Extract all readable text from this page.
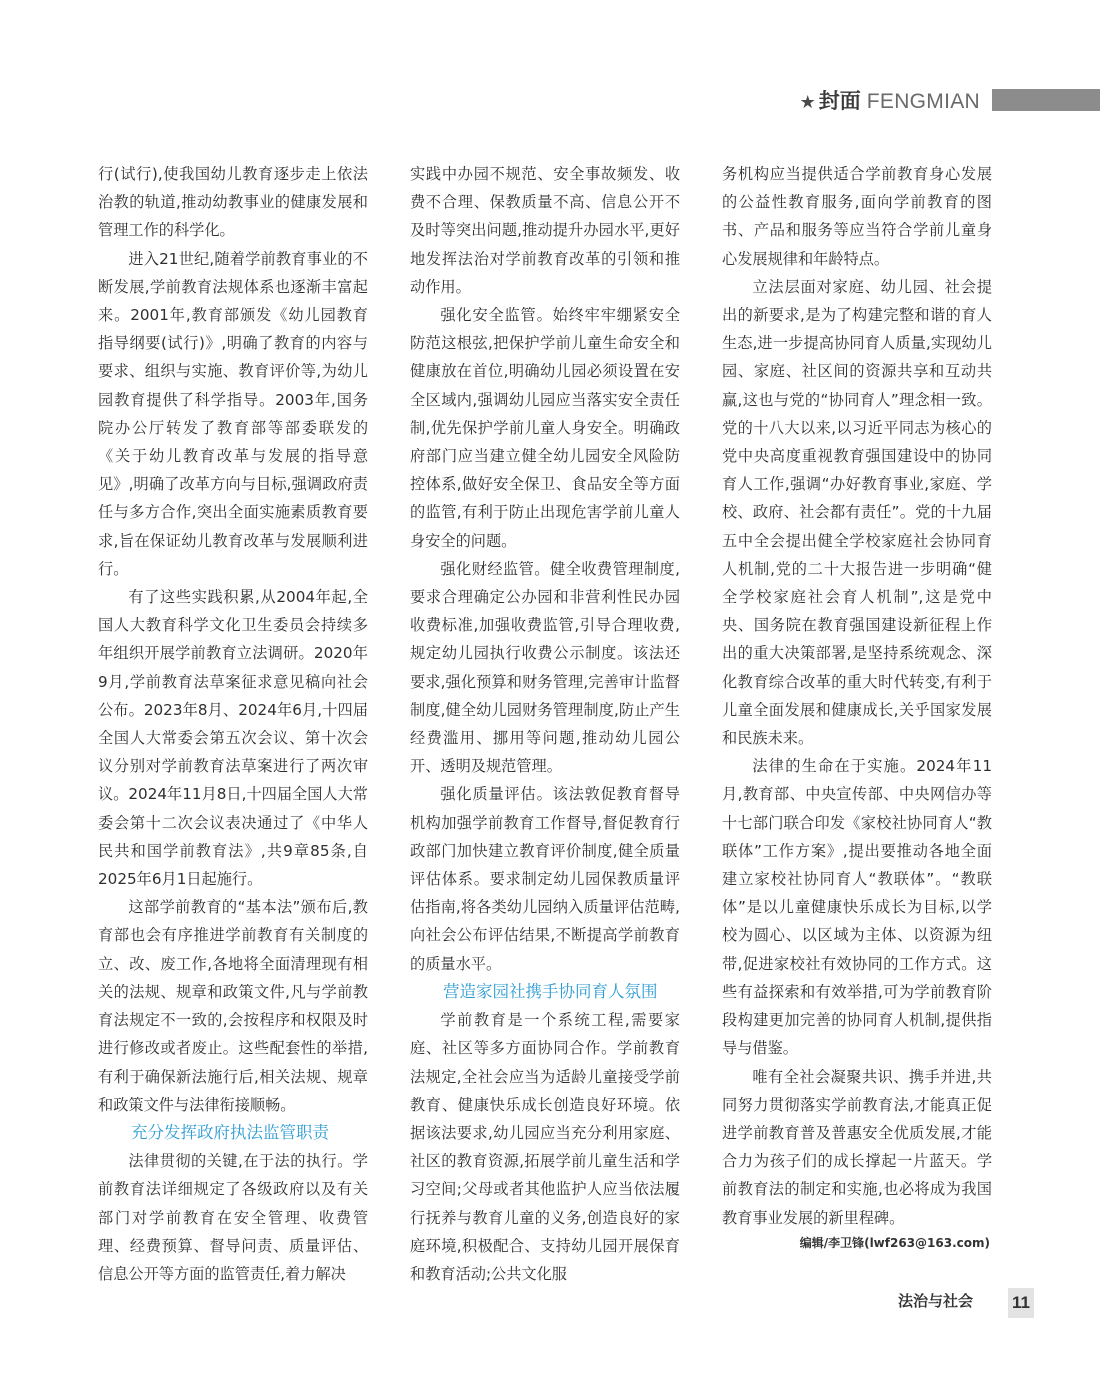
★ 封面 FENGMIAN

行(试行),使我国幼儿教育逐步走上依法治教的轨道,推动幼教事业的健康发展和管理工作的科学化。

进入21世纪,随着学前教育事业的不断发展,学前教育法规体系也逐渐丰富起来。2001年,教育部颁发《幼儿园教育指导纲要(试行)》,明确了教育的内容与要求、组织与实施、教育评价等,为幼儿园教育提供了科学指导。2003年,国务院办公厅转发了教育部等部委联发的《关于幼儿教育改革与发展的指导意见》,明确了改革方向与目标,强调政府责任与多方合作,突出全面实施素质教育要求,旨在保证幼儿教育改革与发展顺利进行。

有了这些实践积累,从2004年起,全国人大教育科学文化卫生委员会持续多年组织开展学前教育立法调研。2020年9月,学前教育法草案征求意见稿向社会公布。2023年8月、2024年6月,十四届全国人大常委会第五次会议、第十次会议分别对学前教育法草案进行了两次审议。2024年11月8日,十四届全国人大常委会第十二次会议表决通过了《中华人民共和国学前教育法》,共9章85条,自2025年6月1日起施行。

这部学前教育的“基本法”颁布后,教育部也会有序推进学前教育有关制度的立、改、废工作,各地将全面清理现有相关的法规、规章和政策文件,凡与学前教育法规定不一致的,会按程序和权限及时进行修改或者废止。这些配套性的举措,有利于确保新法施行后,相关法规、规章和政策文件与法律衔接顺畅。

充分发挥政府执法监管职责

法律贯彻的关键,在于法的执行。学前教育法详细规定了各级政府以及有关部门对学前教育在安全管理、收费管理、经费预算、督导问责、质量评估、信息公开等方面的监管责任,着力解决

实践中办园不规范、安全事故频发、收费不合理、保教质量不高、信息公开不及时等突出问题,推动提升办园水平,更好地发挥法治对学前教育改革的引领和推动作用。

强化安全监管。始终牢牢绷紧安全防范这根弦,把保护学前儿童生命安全和健康放在首位,明确幼儿园必须设置在安全区域内,强调幼儿园应当落实安全责任制,优先保护学前儿童人身安全。明确政府部门应当建立健全幼儿园安全风险防控体系,做好安全保卫、食品安全等方面的监管,有利于防止出现危害学前儿童人身安全的问题。

强化财经监管。健全收费管理制度,要求合理确定公办园和非营利性民办园收费标准,加强收费监管,引导合理收费,规定幼儿园执行收费公示制度。该法还要求,强化预算和财务管理,完善审计监督制度,健全幼儿园财务管理制度,防止产生经费滥用、挪用等问题,推动幼儿园公开、透明及规范管理。

强化质量评估。该法敦促教育督导机构加强学前教育工作督导,督促教育行政部门加快建立教育评价制度,健全质量评估体系。要求制定幼儿园保教质量评估指南,将各类幼儿园纳入质量评估范畴,向社会公布评估结果,不断提高学前教育的质量水平。

营造家园社携手协同育人氛围

学前教育是一个系统工程,需要家庭、社区等多方面协同合作。学前教育法规定,全社会应当为适龄儿童接受学前教育、健康快乐成长创造良好环境。依据该法要求,幼儿园应当充分利用家庭、社区的教育资源,拓展学前儿童生活和学习空间;父母或者其他监护人应当依法履行抚养与教育儿童的义务,创造良好的家庭环境,积极配合、支持幼儿园开展保育和教育活动;公共文化服

务机构应当提供适合学前教育身心发展的公益性教育服务,面向学前教育的图书、产品和服务等应当符合学前儿童身心发展规律和年龄特点。

立法层面对家庭、幼儿园、社会提出的新要求,是为了构建完整和谐的育人生态,进一步提高协同育人质量,实现幼儿园、家庭、社区间的资源共享和互动共赢,这也与党的“协同育人”理念相一致。党的十八大以来,以习近平同志为核心的党中央高度重视教育强国建设中的协同育人工作,强调“办好教育事业,家庭、学校、政府、社会都有责任”。党的十九届五中全会提出健全学校家庭社会协同育人机制,党的二十大报告进一步明确“健全学校家庭社会育人机制”,这是党中央、国务院在教育强国建设新征程上作出的重大决策部署,是坚持系统观念、深化教育综合改革的重大时代转变,有利于儿童全面发展和健康成长,关乎国家发展和民族未来。

法律的生命在于实施。2024年11月,教育部、中央宣传部、中央网信办等十七部门联合印发《家校社协同育人“教联体”工作方案》,提出要推动各地全面建立家校社协同育人“教联体”。“教联体”是以儿童健康快乐成长为目标,以学校为圆心、以区域为主体、以资源为纽带,促进家校社有效协同的工作方式。这些有益探索和有效举措,可为学前教育阶段构建更加完善的协同育人机制,提供指导与借鉴。

唯有全社会凝聚共识、携手并进,共同努力贯彻落实学前教育法,才能真正促进学前教育普及普惠安全优质发展,才能合力为孩子们的成长撑起一片蓝天。学前教育法的制定和实施,也必将成为我国教育事业发展的新里程碑。

编辑/李卫锋(lwf263@163.com)
法治与社会 11
